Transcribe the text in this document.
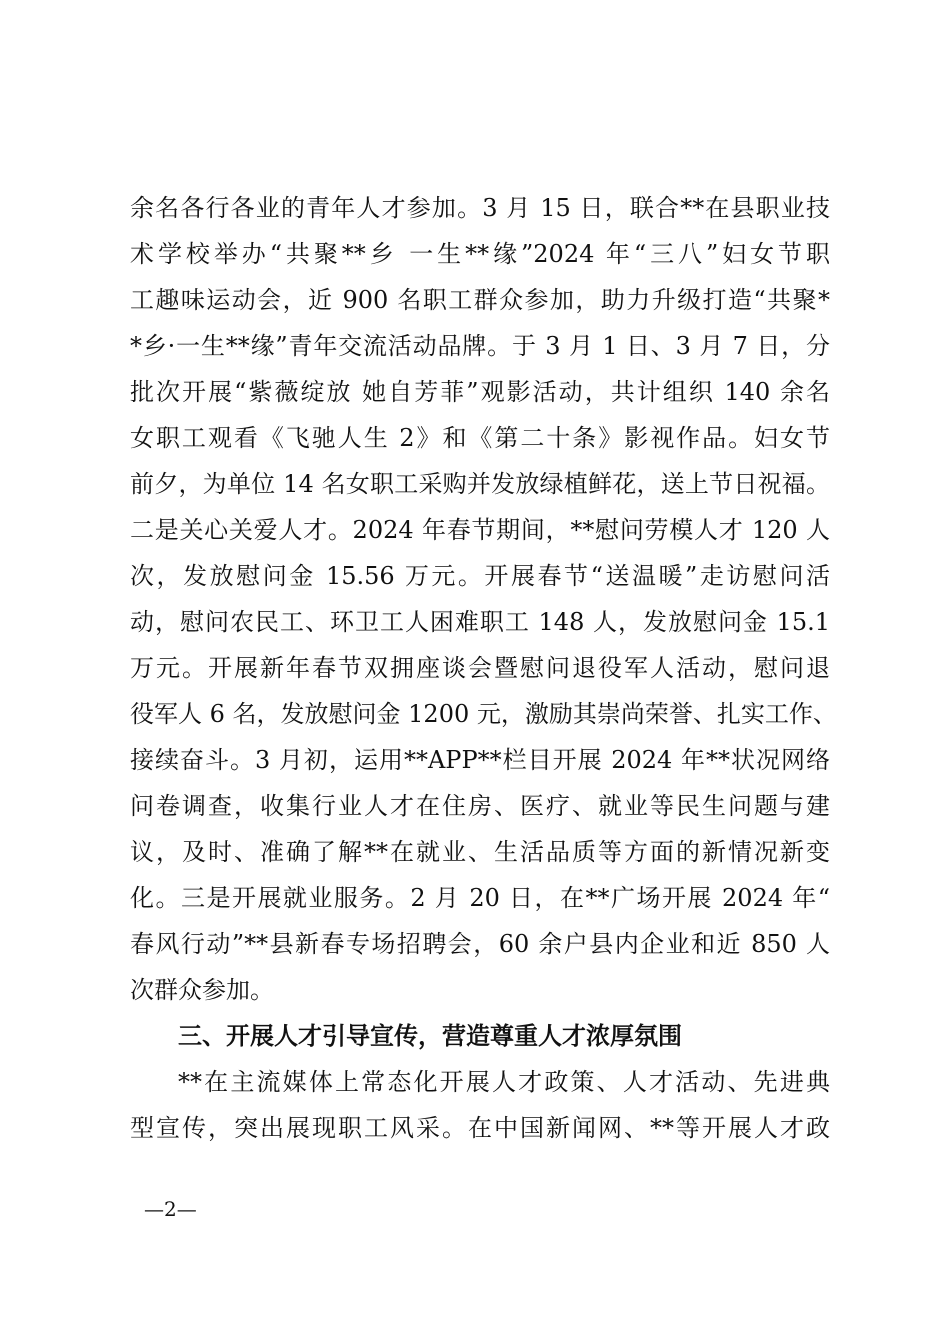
余名各行各业的青年人才参加。3 月 15 日，联合**在县职业技
术学校举办“共聚**乡 一生**缘”2024 年“三八”妇女节职
工趣味运动会，近 900 名职工群众参加，助力升级打造“共聚*
*乡·一生**缘”青年交流活动品牌。于 3 月 1 日、3 月 7 日，分
批次开展“紫薇绽放 她自芳菲”观影活动，共计组织 140 余名
女职工观看《飞驰人生 2》和《第二十条》影视作品。妇女节
前夕，为单位 14 名女职工采购并发放绿植鲜花，送上节日祝福。
二是关心关爱人才。2024 年春节期间，**慰问劳模人才 120 人
次，发放慰问金 15.56 万元。开展春节“送温暖”走访慰问活
动，慰问农民工、环卫工人困难职工 148 人，发放慰问金 15.1
万元。开展新年春节双拥座谈会暨慰问退役军人活动，慰问退
役军人 6 名，发放慰问金 1200 元，激励其崇尚荣誉、扎实工作、
接续奋斗。3 月初，运用**APP**栏目开展 2024 年**状况网络
问卷调查，收集行业人才在住房、医疗、就业等民生问题与建
议，及时、准确了解**在就业、生活品质等方面的新情况新变
化。三是开展就业服务。2 月 20 日，在**广场开展 2024 年“
春风行动”**县新春专场招聘会，60 余户县内企业和近 850 人
次群众参加。
三、开展人才引导宣传，营造尊重人才浓厚氛围
**在主流媒体上常态化开展人才政策、人才活动、先进典
型宣传，突出展现职工风采。在中国新闻网、**等开展人才政
—2—
